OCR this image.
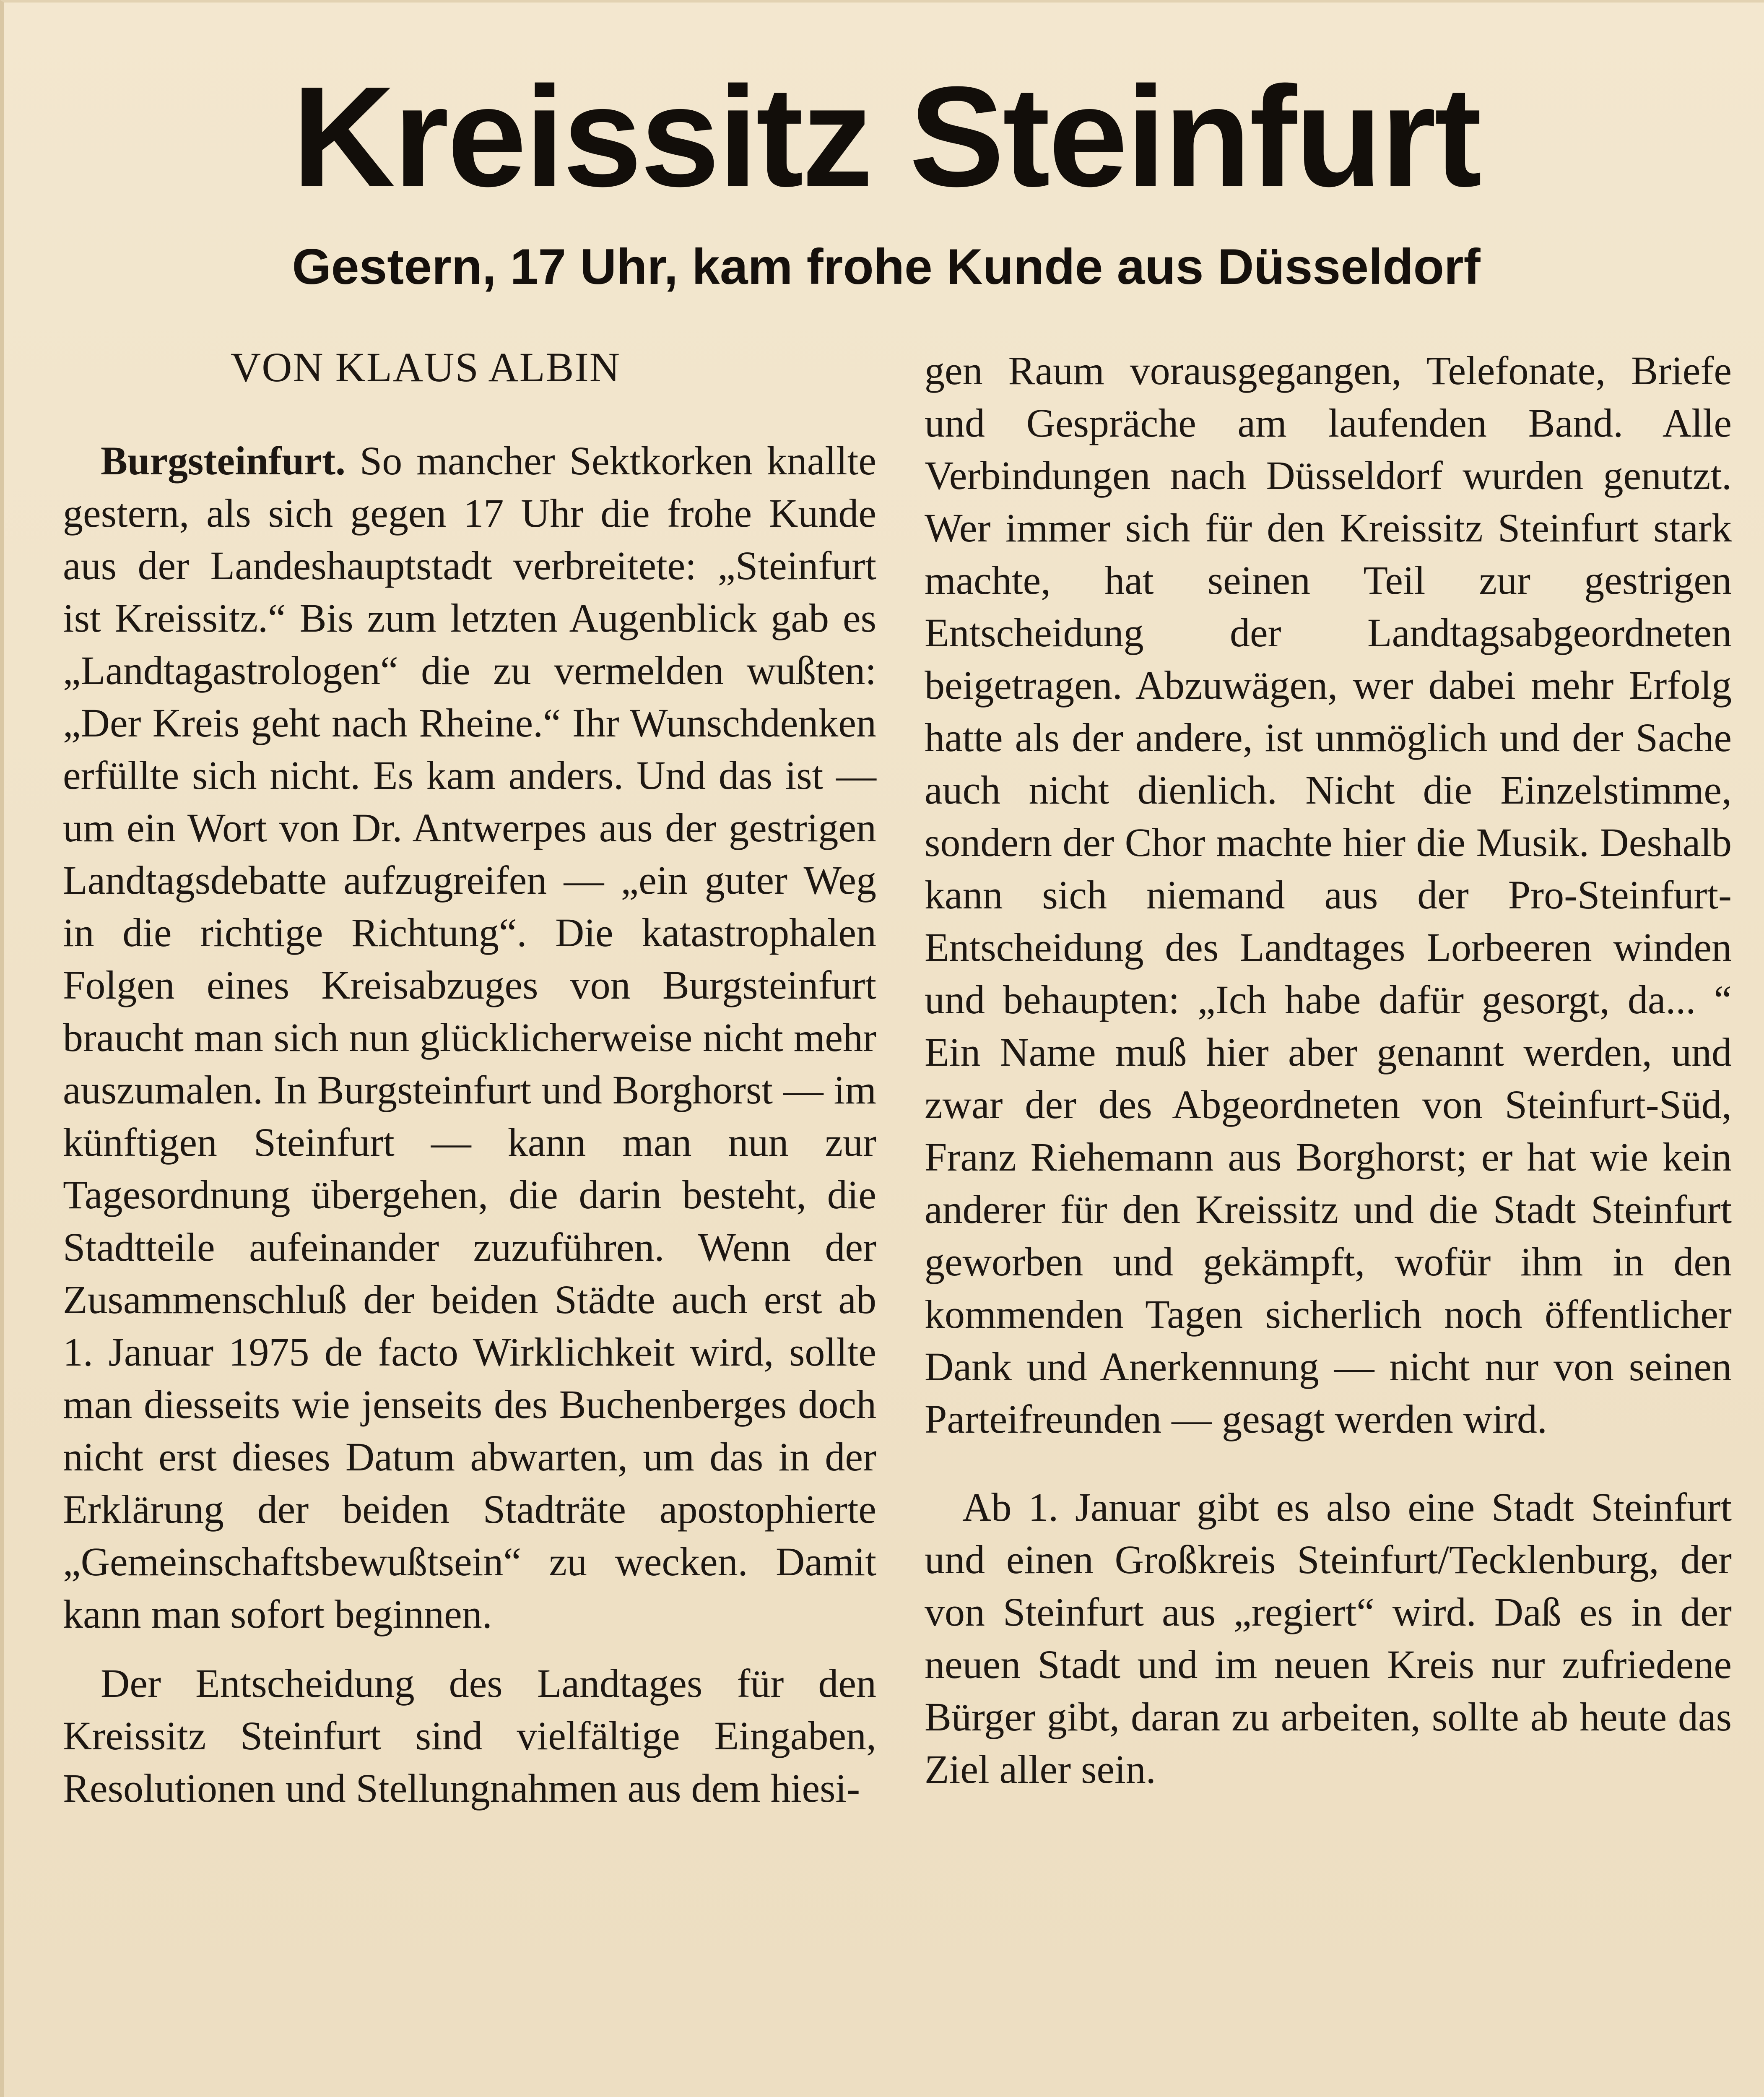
Kreissitz Steinfurt
Gestern, 17 Uhr, kam frohe Kunde aus Düsseldorf
VON KLAUS ALBIN

Burgsteinfurt. So mancher Sektkorken knallte gestern, als sich gegen 17 Uhr die frohe Kunde aus der Landeshauptstadt verbreitete: „Steinfurt ist Kreissitz.“ Bis zum letzten Augenblick gab es „Landtagastrologen“ die zu vermelden wußten: „Der Kreis geht nach Rheine.“ Ihr Wunschdenken erfüllte sich nicht. Es kam anders. Und das ist — um ein Wort von Dr. Antwerpes aus der gestrigen Landtagsdebatte aufzugreifen — „ein guter Weg in die richtige Richtung“. Die katastrophalen Folgen eines Kreisabzuges von Burgsteinfurt braucht man sich nun glücklicherweise nicht mehr auszumalen. In Burgsteinfurt und Borghorst — im künftigen Steinfurt — kann man nun zur Tagesordnung übergehen, die darin besteht, die Stadtteile aufeinander zuzuführen. Wenn der Zusammenschluß der beiden Städte auch erst ab 1. Januar 1975 de facto Wirklichkeit wird, sollte man diesseits wie jenseits des Buchenberges doch nicht erst dieses Datum abwarten, um das in der Erklärung der beiden Stadträte apostophierte „Gemeinschaftsbewußtsein“ zu wecken. Damit kann man sofort beginnen.

Der Entscheidung des Landtages für den Kreissitz Steinfurt sind vielfältige Eingaben, Resolutionen und Stellungnahmen aus dem hiesi-

gen Raum vorausgegangen, Telefonate, Briefe und Gespräche am laufenden Band. Alle Verbindungen nach Düsseldorf wurden genutzt. Wer immer sich für den Kreissitz Steinfurt stark machte, hat seinen Teil zur gestrigen Entscheidung der Landtagsabgeordneten beigetragen. Abzuwägen, wer dabei mehr Erfolg hatte als der andere, ist unmöglich und der Sache auch nicht dienlich. Nicht die Einzelstimme, sondern der Chor machte hier die Musik. Deshalb kann sich niemand aus der Pro-Steinfurt-Entscheidung des Landtages Lorbeeren winden und behaupten: „Ich habe dafür gesorgt, da... “ Ein Name muß hier aber genannt werden, und zwar der des Abgeordneten von Steinfurt-Süd, Franz Riehemann aus Borghorst; er hat wie kein anderer für den Kreissitz und die Stadt Steinfurt geworben und gekämpft, wofür ihm in den kommenden Tagen sicherlich noch öffentlicher Dank und Anerkennung — nicht nur von seinen Parteifreunden — gesagt werden wird.

Ab 1. Januar gibt es also eine Stadt Steinfurt und einen Großkreis Steinfurt/Tecklenburg, der von Steinfurt aus „regiert“ wird. Daß es in der neuen Stadt und im neuen Kreis nur zufriedene Bürger gibt, daran zu arbeiten, sollte ab heute das Ziel aller sein.
